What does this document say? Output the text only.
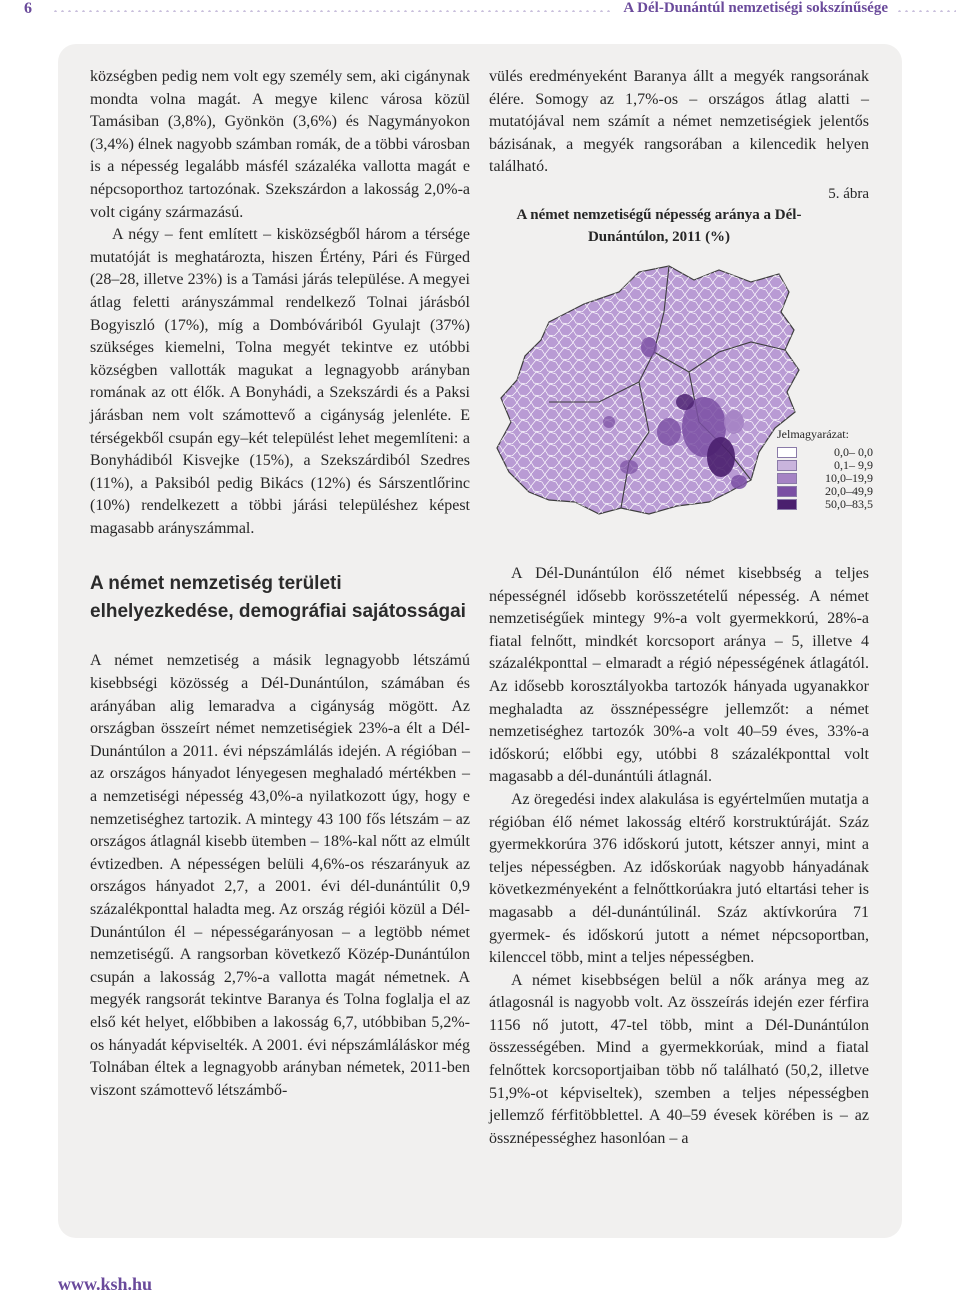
6	A Dél-Dunántúl nemzetiségi sokszínűsége

községben pedig nem volt egy személy sem, aki cigánynak mondta volna magát. A megye kilenc városa közül Tamásiban (3,8%), Gyönkön (3,6%) és Nagymányokon (3,4%) élnek nagyobb számban romák, de a többi városban is a népesség legalább másfél százaléka vallotta magát e népcsoporthoz tartozónak. Szekszárdon a lakosság 2,0%-a volt cigány származású.

A négy – fent említett – kisközségből három a térsége mutatóját is meghatározta, hiszen Értény, Pári és Fürged (28–28, illetve 23%) is a Tamási járás települése. A megyei átlag feletti arányszámmal rendelkező Tolnai járásból Bogyiszló (17%), míg a Dombóváriból Gyulajt (37%) szükséges kiemelni, Tolna megyét tekintve ez utóbbi községben vallották magukat a legnagyobb arányban romának az ott élők. A Bonyhádi, a Szekszárdi és a Paksi járásban nem volt számottevő a cigányság jelenléte. E térségekből csupán egy–két települést lehet megemlíteni: a Bonyhádiból Kisvejke (15%), a Szekszárdiból Szedres (11%), a Paksiból pedig Bikács (12%) és Sárszentlőrinc (10%) rendelkezett a többi járási településhez képest magasabb arányszámmal.

A német nemzetiség területi elhelyezkedése, demográfiai sajátosságai

A német nemzetiség a másik legnagyobb létszámú kisebbségi közösség a Dél-Dunántúlon, számában és arányában alig lemaradva a cigányság mögött. Az országban összeírt német nemzetiségiek 23%-a élt a Dél-Dunántúlon a 2011. évi népszámlálás idején. A régióban – az országos hányadot lényegesen meghaladó mértékben – a nemzetiségi népesség 43,0%-a nyilatkozott úgy, hogy e nemzetiséghez tartozik. A mintegy 43 100 fős létszám – az országos átlagnál kisebb ütemben – 18%-kal nőtt az elmúlt évtizedben. A népességen belüli 4,6%-os részarányuk az országos hányadot 2,7, a 2001. évi dél-dunántúlit 0,9 százalékponttal haladta meg. Az ország régiói közül a Dél-Dunántúlon él – népességarányosan – a legtöbb német nemzetiségű. A rangsorban következő Közép-Dunántúlon csupán a lakosság 2,7%-a vallotta magát németnek. A megyék rangsorát tekintve Baranya és Tolna foglalja el az első két helyet, előbbiben a lakosság 6,7, utóbbiban 5,2%-os hányadát képviselték. A 2001. évi népszámláláskor még Tolnában éltek a legnagyobb arányban németek, 2011-ben viszont számottevő létszámbő-

vülés eredményeként Baranya állt a megyék rangsorának élére. Somogy az 1,7%-os – országos átlag alatti – mutatójával nem számít a német nemzetiségiek jelentős bázisának, a megyék rangsorában a kilencedik helyen található.

5. ábra
A német nemzetiségű népesség aránya a Dél-Dunántúlon, 2011 (%)
Jelmagyarázat:
0,0– 0,0
0,1– 9,9
10,0–19,9
20,0–49,9
50,0–83,5

A Dél-Dunántúlon élő német kisebbség a teljes népességnél idősebb korösszetételű népesség. A német nemzetiségűek mintegy 9%-a volt gyermekkorú, 28%-a fiatal felnőtt, mindkét korcsoport aránya – 5, illetve 4 százalékponttal – elmaradt a régió népességének átlagától. Az idősebb korosztályokba tartozók hányada ugyanakkor meghaladta az össznépességre jellemzőt: a német nemzetiséghez tartozók 30%-a volt 40–59 éves, 33%-a időskorú; előbbi egy, utóbbi 8 százalékponttal volt magasabb a dél-dunántúli átlagnál.

Az öregedési index alakulása is egyértelműen mutatja a régióban élő német lakosság eltérő korstruktúráját. Száz gyermekkorúra 376 időskorú jutott, kétszer annyi, mint a teljes népességben. Az időskorúak nagyobb hányadának következményeként a felnőttkorúakra jutó eltartási teher is magasabb a dél-dunántúlinál. Száz aktívkorúra 71 gyermek- és időskorú jutott a német népcsoportban, kilenccel több, mint a teljes népességben.

A német kisebbségen belül a nők aránya meg az átlagosnál is nagyobb volt. Az összeírás idején ezer férfira 1156 nő jutott, 47-tel több, mint a Dél-Dunántúlon összességében. Mind a gyermekkorúak, mind a fiatal felnőttek korcsoportjaiban több nő található (50,2, illetve 51,9%-ot képviseltek), szemben a teljes népességben jellemző férfitöbblettel. A 40–59 évesek körében is – az össznépességhez hasonlóan – a

www.ksh.hu
